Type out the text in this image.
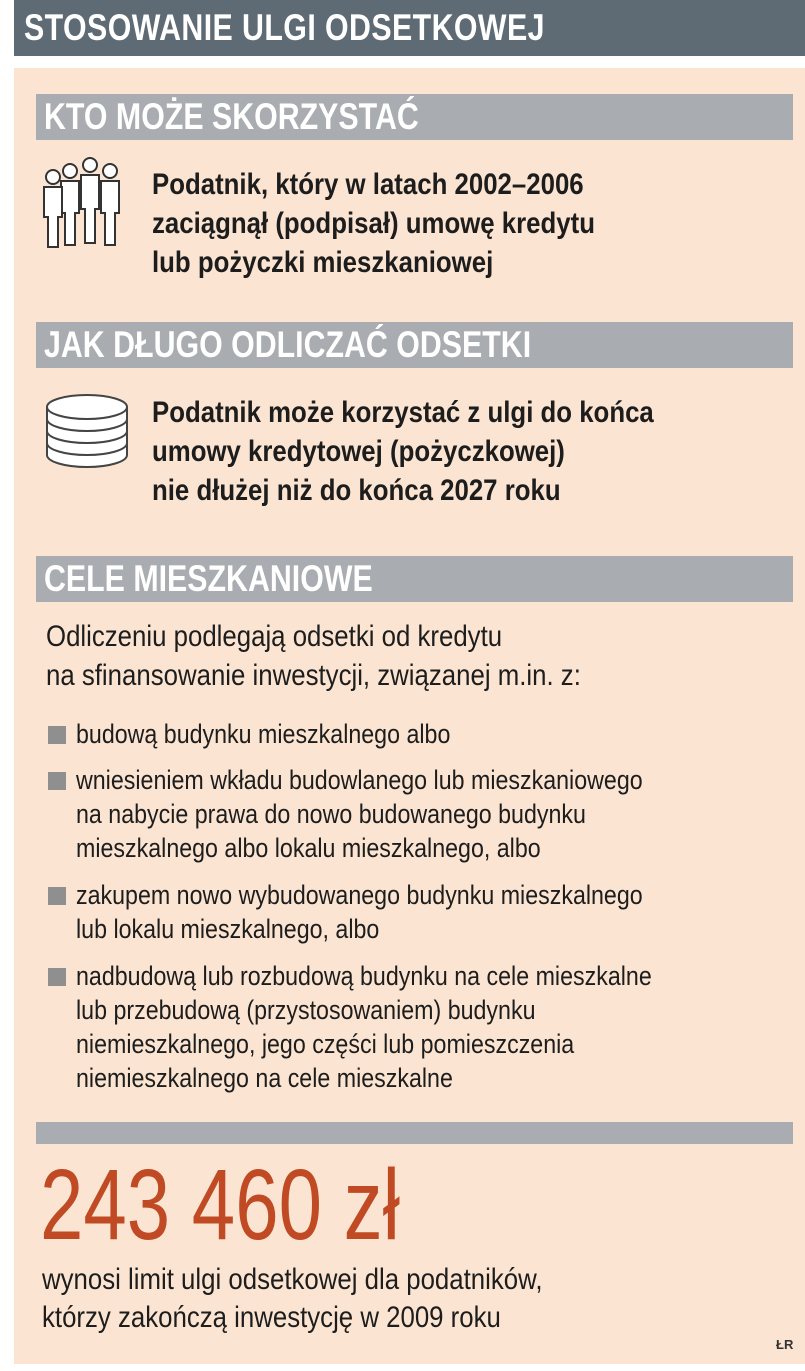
STOSOWANIE ULGI ODSETKOWEJ
KTO MOŻE SKORZYSTAĆ
Podatnik, który w latach 2002–2006
zaciągnął (podpisał) umowę kredytu
lub pożyczki mieszkaniowej
JAK DŁUGO ODLICZAĆ ODSETKI
Podatnik może korzystać z ulgi do końca
umowy kredytowej (pożyczkowej)
nie dłużej niż do końca 2027 roku
CELE MIESZKANIOWE
Odliczeniu podlegają odsetki od kredytu
na sfinansowanie inwestycji, związanej m.in. z:
budową budynku mieszkalnego albo
wniesieniem wkładu budowlanego lub mieszkaniowego
na nabycie prawa do nowo budowanego budynku
mieszkalnego albo lokalu mieszkalnego, albo
zakupem nowo wybudowanego budynku mieszkalnego
lub lokalu mieszkalnego, albo
nadbudową lub rozbudową budynku na cele mieszkalne
lub przebudową (przystosowaniem) budynku
niemieszkalnego, jego części lub pomieszczenia
niemieszkalnego na cele mieszkalne
243 460 zł
wynosi limit ulgi odsetkowej dla podatników,
którzy zakończą inwestycję w 2009 roku
ŁR
